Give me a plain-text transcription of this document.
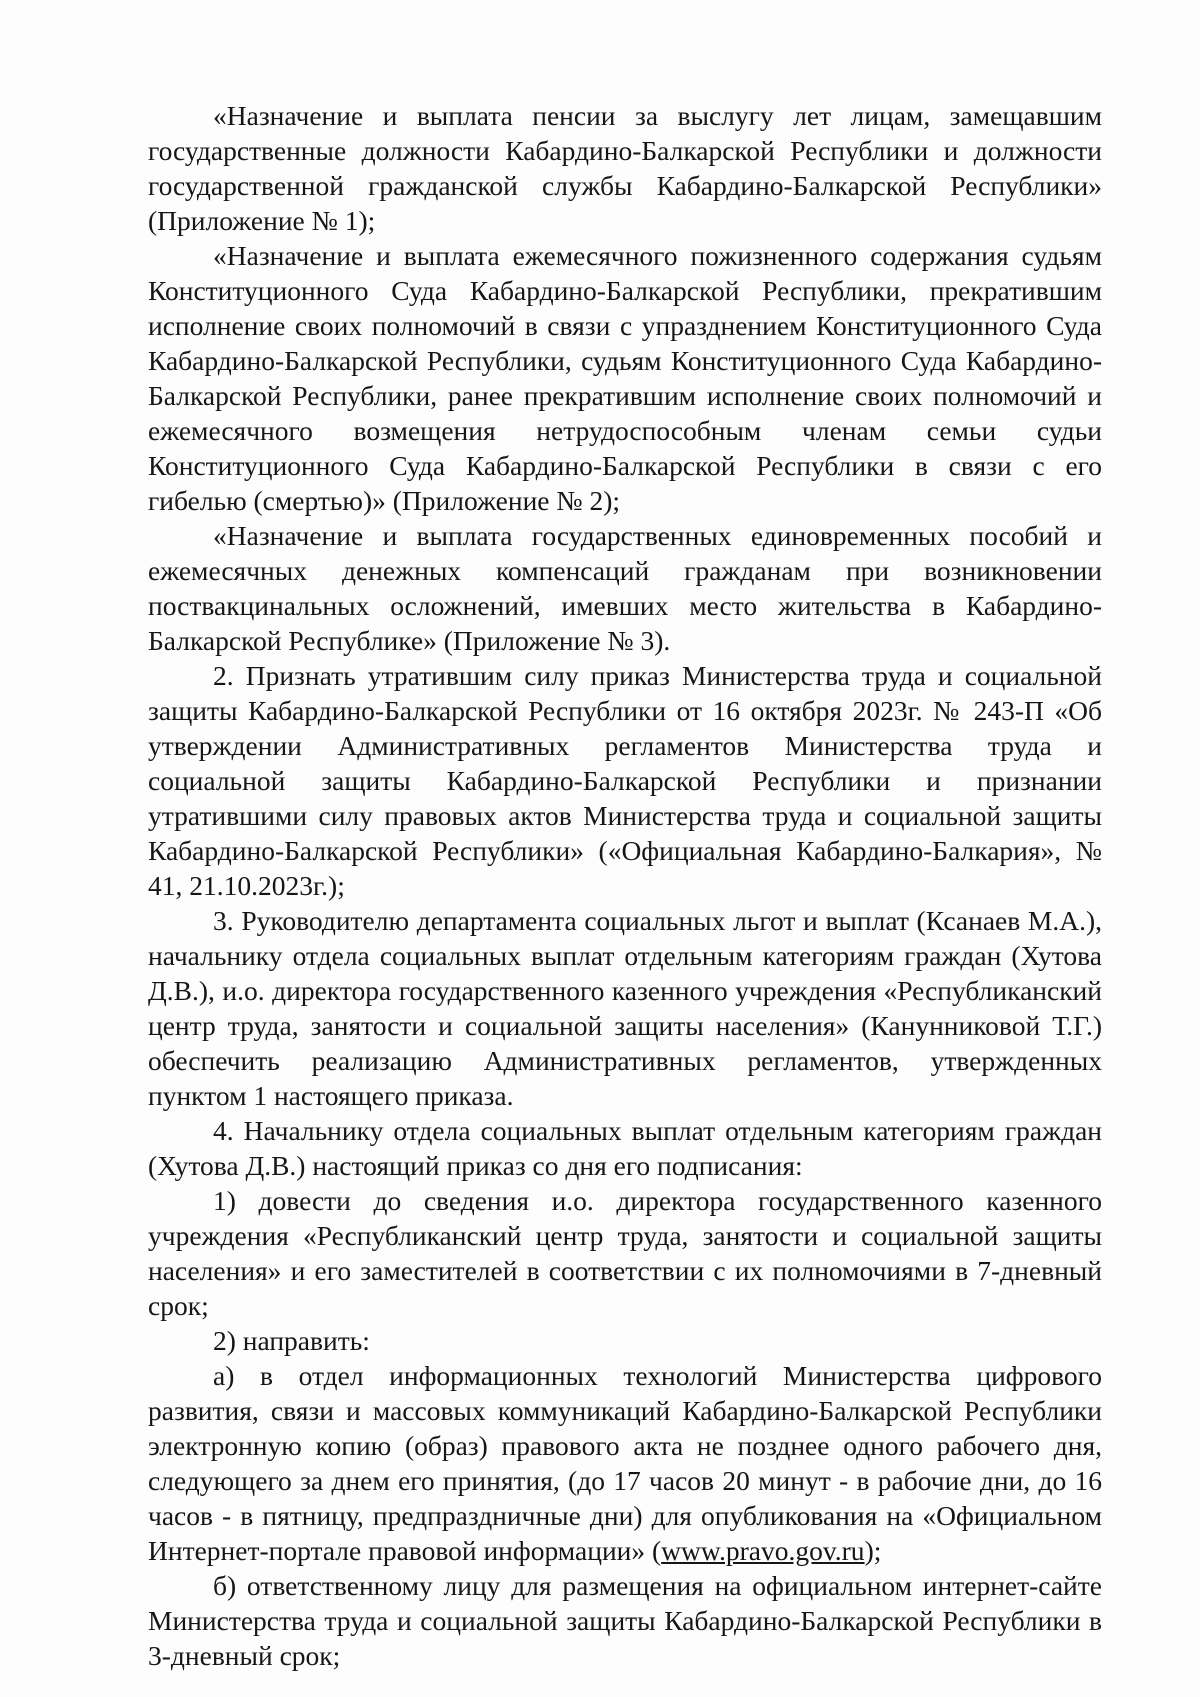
«Назначение и выплата пенсии за выслугу лет лицам, замещавшим государственные должности Кабардино-Балкарской Республики и должности государственной гражданской службы Кабардино-Балкарской Республики» (Приложение № 1);

«Назначение и выплата ежемесячного пожизненного содержания судьям Конституционного Суда Кабардино-Балкарской Республики, прекратившим исполнение своих полномочий в связи с упразднением Конституционного Суда Кабардино-Балкарской Республики, судьям Конституционного Суда Кабардино-Балкарской Республики, ранее прекратившим исполнение своих полномочий и ежемесячного возмещения нетрудоспособным членам семьи судьи Конституционного Суда Кабардино-Балкарской Республики в связи с его гибелью (смертью)» (Приложение № 2);

«Назначение и выплата государственных единовременных пособий и ежемесячных денежных компенсаций гражданам при возникновении поствакцинальных осложнений, имевших место жительства в Кабардино-Балкарской Республике» (Приложение № 3).

2. Признать утратившим силу приказ Министерства труда и социальной защиты Кабардино-Балкарской Республики от 16 октября 2023г. № 243-П «Об утверждении Административных регламентов Министерства труда и социальной защиты Кабардино-Балкарской Республики и признании утратившими силу правовых актов Министерства труда и социальной защиты Кабардино-Балкарской Республики» («Официальная Кабардино-Балкария», № 41, 21.10.2023г.);

3. Руководителю департамента социальных льгот и выплат (Ксанаев М.А.), начальнику отдела социальных выплат отдельным категориям граждан (Хутова Д.В.), и.о. директора государственного казенного учреждения «Республиканский центр труда, занятости и социальной защиты населения» (Канунниковой Т.Г.) обеспечить реализацию Административных регламентов, утвержденных пунктом 1 настоящего приказа.

4. Начальнику отдела социальных выплат отдельным категориям граждан (Хутова Д.В.) настоящий приказ со дня его подписания:

1) довести до сведения и.о. директора государственного казенного учреждения «Республиканский центр труда, занятости и социальной защиты населения» и его заместителей в соответствии с их полномочиями в 7-дневный срок;

2) направить:

а) в отдел информационных технологий Министерства цифрового развития, связи и массовых коммуникаций Кабардино-Балкарской Республики электронную копию (образ) правового акта не позднее одного рабочего дня, следующего за днем его принятия, (до 17 часов 20 минут - в рабочие дни, до 16 часов - в пятницу, предпраздничные дни) для опубликования на «Официальном Интернет-портале правовой информации» (www.pravo.gov.ru);

б) ответственному лицу для размещения на официальном интернет-сайте Министерства труда и социальной защиты Кабардино-Балкарской Республики в 3-дневный срок;
